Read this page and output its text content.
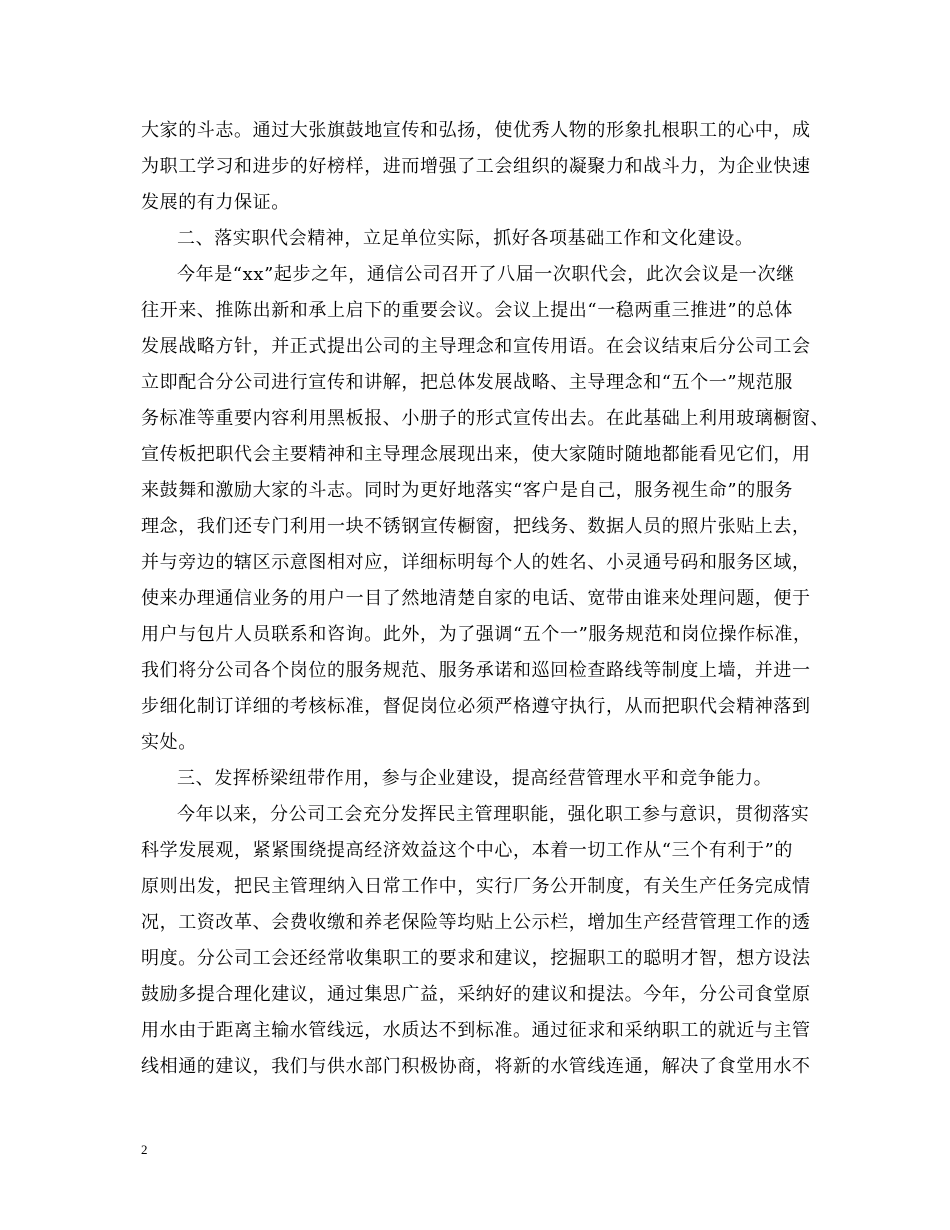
大家的斗志。通过大张旗鼓地宣传和弘扬，使优秀人物的形象扎根职工的心中，成
为职工学习和进步的好榜样，进而增强了工会组织的凝聚力和战斗力，为企业快速
发展的有力保证。
二、落实职代会精神，立足单位实际，抓好各项基础工作和文化建设。
今年是“xx”起步之年，通信公司召开了八届一次职代会，此次会议是一次继
往开来、推陈出新和承上启下的重要会议。会议上提出“一稳两重三推进”的总体
发展战略方针，并正式提出公司的主导理念和宣传用语。在会议结束后分公司工会
立即配合分公司进行宣传和讲解，把总体发展战略、主导理念和“五个一”规范服
务标准等重要内容利用黑板报、小册子的形式宣传出去。在此基础上利用玻璃橱窗、
宣传板把职代会主要精神和主导理念展现出来，使大家随时随地都能看见它们，用
来鼓舞和激励大家的斗志。同时为更好地落实“客户是自己，服务视生命”的服务
理念，我们还专门利用一块不锈钢宣传橱窗，把线务、数据人员的照片张贴上去，
并与旁边的辖区示意图相对应，详细标明每个人的姓名、小灵通号码和服务区域，
使来办理通信业务的用户一目了然地清楚自家的电话、宽带由谁来处理问题，便于
用户与包片人员联系和咨询。此外，为了强调“五个一”服务规范和岗位操作标准，
我们将分公司各个岗位的服务规范、服务承诺和巡回检查路线等制度上墙，并进一
步细化制订详细的考核标准，督促岗位必须严格遵守执行，从而把职代会精神落到
实处。
三、发挥桥梁纽带作用，参与企业建设，提高经营管理水平和竞争能力。
今年以来，分公司工会充分发挥民主管理职能，强化职工参与意识，贯彻落实
科学发展观，紧紧围绕提高经济效益这个中心，本着一切工作从“三个有利于”的
原则出发，把民主管理纳入日常工作中，实行厂务公开制度，有关生产任务完成情
况，工资改革、会费收缴和养老保险等均贴上公示栏，增加生产经营管理工作的透
明度。分公司工会还经常收集职工的要求和建议，挖掘职工的聪明才智，想方设法
鼓励多提合理化建议，通过集思广益，采纳好的建议和提法。今年，分公司食堂原
用水由于距离主输水管线远，水质达不到标准。通过征求和采纳职工的就近与主管
线相通的建议，我们与供水部门积极协商，将新的水管线连通，解决了食堂用水不
2
